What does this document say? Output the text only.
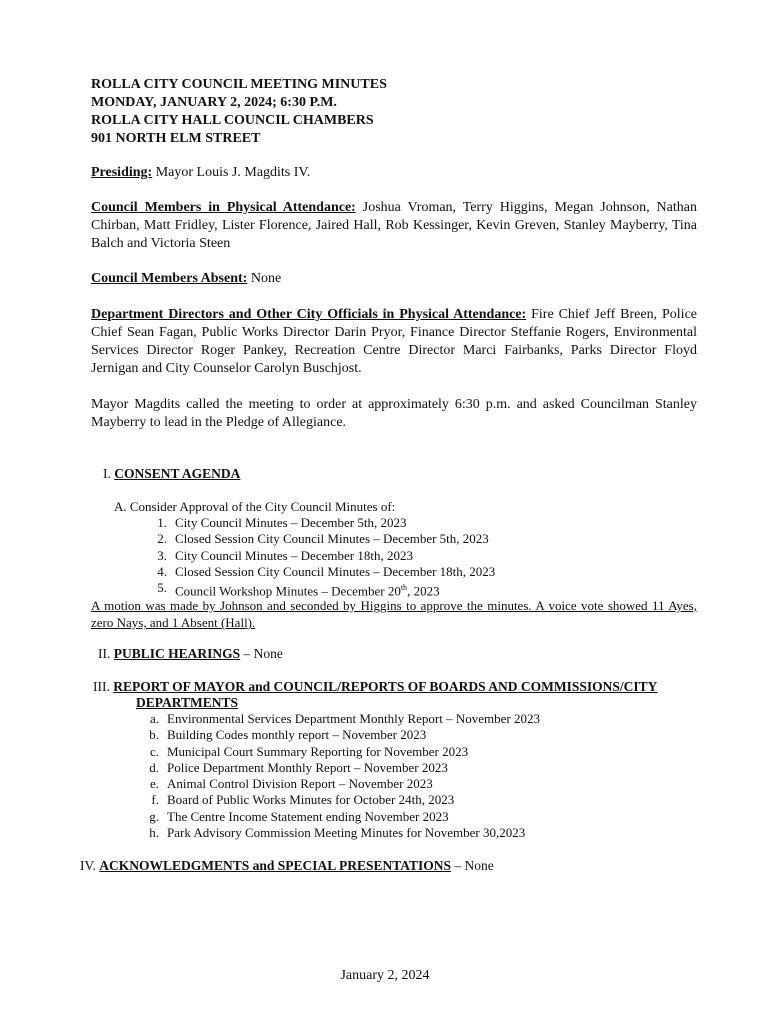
ROLLA CITY COUNCIL MEETING MINUTES
MONDAY, JANUARY 2, 2024; 6:30 P.M.
ROLLA CITY HALL COUNCIL CHAMBERS
901 NORTH ELM STREET
Presiding: Mayor Louis J. Magdits IV.
Council Members in Physical Attendance: Joshua Vroman, Terry Higgins, Megan Johnson, Nathan Chirban, Matt Fridley, Lister Florence, Jaired Hall, Rob Kessinger, Kevin Greven, Stanley Mayberry, Tina Balch and Victoria Steen
Council Members Absent: None
Department Directors and Other City Officials in Physical Attendance: Fire Chief Jeff Breen, Police Chief Sean Fagan, Public Works Director Darin Pryor, Finance Director Steffanie Rogers, Environmental Services Director Roger Pankey, Recreation Centre Director Marci Fairbanks, Parks Director Floyd Jernigan and City Counselor Carolyn Buschjost.
Mayor Magdits called the meeting to order at approximately 6:30 p.m. and asked Councilman Stanley Mayberry to lead in the Pledge of Allegiance.
I. CONSENT AGENDA
A. Consider Approval of the City Council Minutes of:
1. City Council Minutes – December 5th, 2023
2. Closed Session City Council Minutes – December 5th, 2023
3. City Council Minutes – December 18th, 2023
4. Closed Session City Council Minutes – December 18th, 2023
5. Council Workshop Minutes – December 20th, 2023
A motion was made by Johnson and seconded by Higgins to approve the minutes. A voice vote showed 11 Ayes, zero Nays, and 1 Absent (Hall).
II. PUBLIC HEARINGS – None
III. REPORT OF MAYOR and COUNCIL/REPORTS OF BOARDS AND COMMISSIONS/CITY
DEPARTMENTS
a. Environmental Services Department Monthly Report – November 2023
b. Building Codes monthly report – November 2023
c. Municipal Court Summary Reporting for November 2023
d. Police Department Monthly Report – November 2023
e. Animal Control Division Report – November 2023
f. Board of Public Works Minutes for October 24th, 2023
g. The Centre Income Statement ending November 2023
h. Park Advisory Commission Meeting Minutes for November 30,2023
IV. ACKNOWLEDGMENTS and SPECIAL PRESENTATIONS – None
January 2, 2024
